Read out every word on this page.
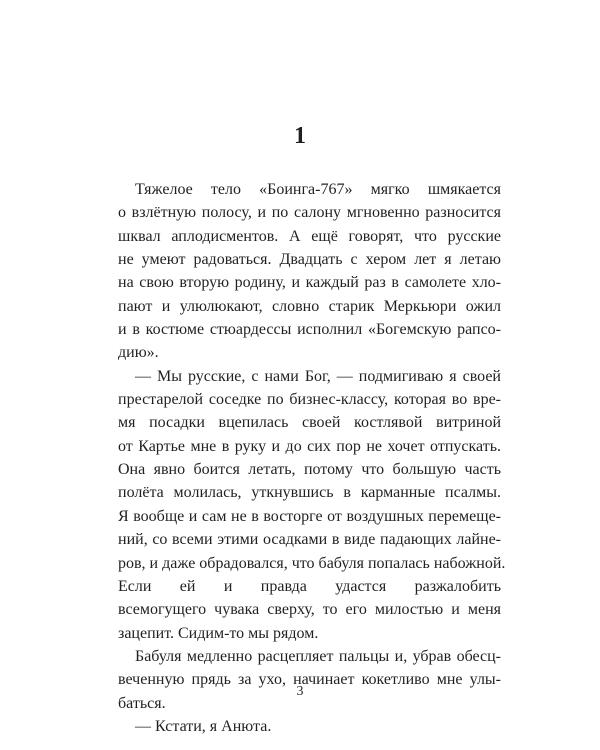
1
Тяжелое тело «Боинга-767» мягко шмякается
о взлётную полосу, и по салону мгновенно разносится
шквал аплодисментов. А ещё говорят, что русские
не умеют радоваться. Двадцать с хером лет я летаю
на свою вторую родину, и каждый раз в самолете хло-
пают и улюлюкают, словно старик Меркьюри ожил
и в костюме стюардессы исполнил «Богемскую рапсо-
дию».
— Мы русские, с нами Бог, — подмигиваю я своей
престарелой соседке по бизнес-классу, которая во вре-
мя посадки вцепилась своей костлявой витриной
от Картье мне в руку и до сих пор не хочет отпускать.
Она явно боится летать, потому что большую часть
полёта молилась, уткнувшись в карманные псалмы.
Я вообще и сам не в восторге от воздушных перемеще-
ний, со всеми этими осадками в виде падающих лайне-
ров, и даже обрадовался, что бабуля попалась набожной.
Если ей и правда удастся разжалобить
всемогущего чувака сверху, то его милостью и меня
зацепит. Сидим-то мы рядом.
Бабуля медленно расцепляет пальцы и, убрав обесц-
веченную прядь за ухо, начинает кокетливо мне улы-
баться.
— Кстати, я Анюта.
3
